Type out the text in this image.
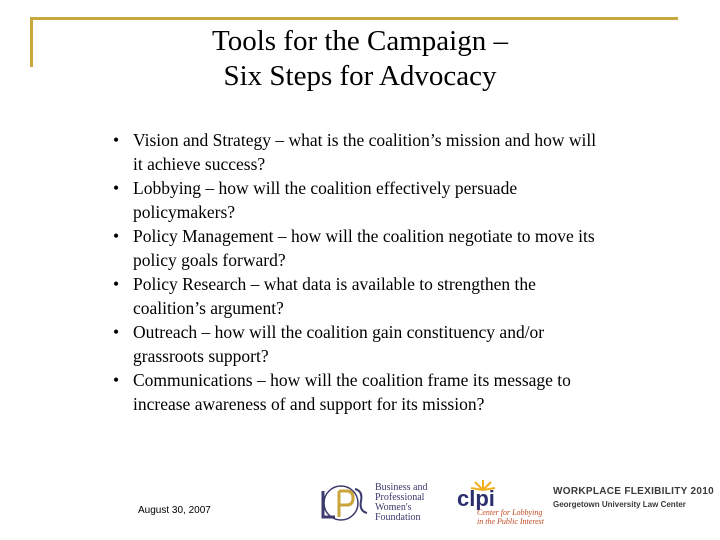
Tools for the Campaign –
Six Steps for Advocacy
• Vision and Strategy – what is the coalition’s mission and how will
it achieve success?
• Lobbying – how will the coalition effectively persuade
policymakers?
• Policy Management – how will the coalition negotiate to move its
policy goals forward?
• Policy Research – what data is available to strengthen the
coalition’s argument?
• Outreach – how will the coalition gain constituency and/or
grassroots support?
• Communications – how will the coalition frame its message to
increase awareness of and support for its mission?
August 30, 2007
Business and
Professional
Women's
Foundation
clpi
Center for Lobbying
in the Public Interest
WORKPLACE FLEXIBILITY 2010
Georgetown University Law Center
